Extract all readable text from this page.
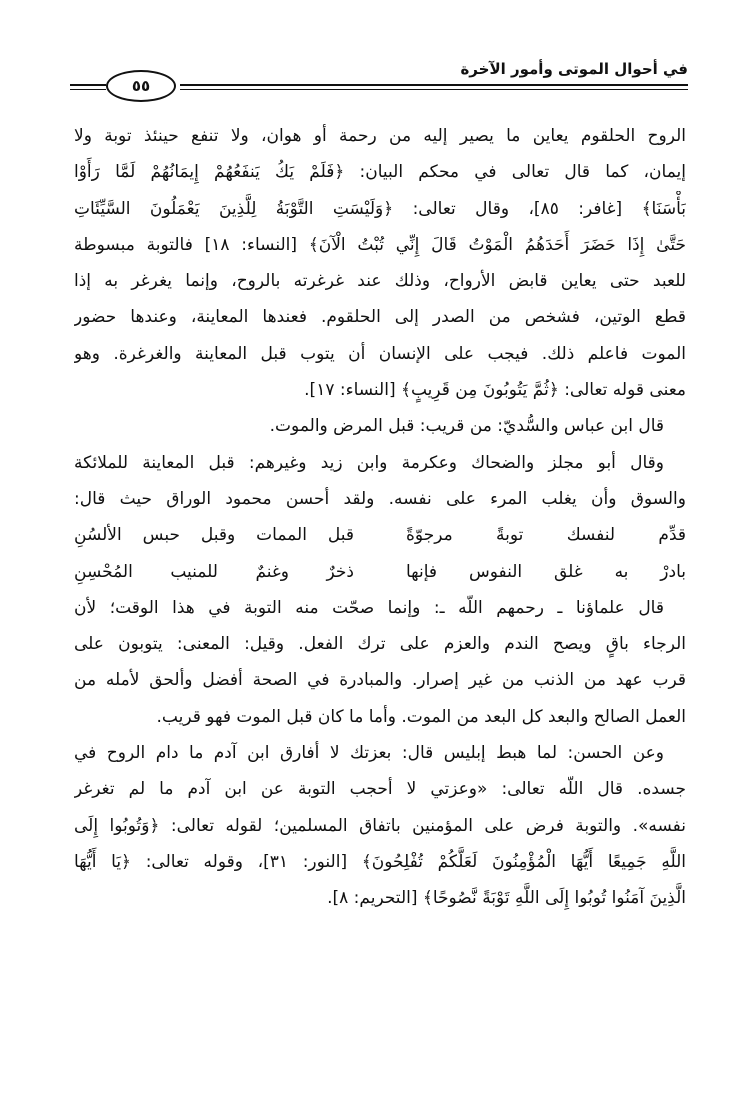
في أحوال الموتى وأمور الآخرة
٥٥
الروح الحلقوم يعاين ما يصير إليه من رحمة أو هوان، ولا تنفع حينئذ توبة ولا
إيمان، كما قال تعالى في محكم البيان: ﴿فَلَمْ يَكُ يَنفَعُهُمْ إِيمَانُهُمْ لَمَّا رَأَوْا
بَأْسَنَا﴾ [غافر: ٨٥]، وقال تعالى: ﴿وَلَيْسَتِ التَّوْبَةُ لِلَّذِينَ يَعْمَلُونَ السَّيِّئَاتِ
حَتَّىٰ إِذَا حَضَرَ أَحَدَهُمُ الْمَوْتُ قَالَ إِنِّي تُبْتُ الْآنَ﴾ [النساء: ١٨] فالتوبة مبسوطة
للعبد حتى يعاين قابض الأرواح، وذلك عند غرغرته بالروح، وإنما يغرغر به إذا
قطع الوتين، فشخص من الصدر إلى الحلقوم. فعندها المعاينة، وعندها حضور
الموت فاعلم ذلك. فيجب على الإنسان أن يتوب قبل المعاينة والغرغرة. وهو
معنى قوله تعالى: ﴿ثُمَّ يَتُوبُونَ مِن قَرِيبٍ﴾ [النساء: ١٧].
قال ابن عباس والسُّديّ: من قريب: قبل المرض والموت.
وقال أبو مجلز والضحاك وعكرمة وابن زيد وغيرهم: قبل المعاينة للملائكة
والسوق وأن يغلب المرء على نفسه. ولقد أحسن محمود الوراق حيث قال:
قدِّم لنفسك توبةً مرجوّةً
قبل الممات وقبل حبس الألسُنِ
بادرْ به غلق النفوس فإنها
ذخرٌ وغنمٌ للمنيب المُحْسِنِ
قال علماؤنا ـ رحمهم اللّه ـ: وإنما صحّت منه التوبة في هذا الوقت؛ لأن
الرجاء باقٍ ويصح الندم والعزم على ترك الفعل. وقيل: المعنى: يتوبون على
قرب عهد من الذنب من غير إصرار. والمبادرة في الصحة أفضل وألحق لأمله من
العمل الصالح والبعد كل البعد من الموت. وأما ما كان قبل الموت فهو قريب.
وعن الحسن: لما هبط إبليس قال: بعزتك لا أفارق ابن آدم ما دام الروح في
جسده. قال اللّه تعالى: «وعزتي لا أحجب التوبة عن ابن آدم ما لم تغرغر
نفسه». والتوبة فرض على المؤمنين باتفاق المسلمين؛ لقوله تعالى: ﴿وَتُوبُوا إِلَى
اللَّهِ جَمِيعًا أَيُّهَا الْمُؤْمِنُونَ لَعَلَّكُمْ تُفْلِحُونَ﴾ [النور: ٣١]، وقوله تعالى: ﴿يَا أَيُّهَا
الَّذِينَ آمَنُوا تُوبُوا إِلَى اللَّهِ تَوْبَةً نَّصُوحًا﴾ [التحريم: ٨].
